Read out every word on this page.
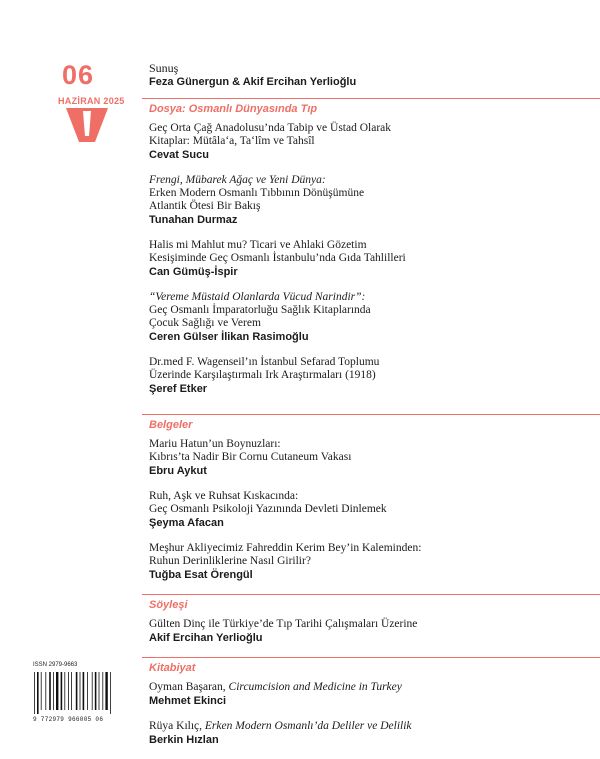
06
HAZİRAN 2025
Sunuş
Feza Günergun & Akif Ercihan Yerlioğlu
Dosya: Osmanlı Dünyasında Tıp
Geç Orta Çağ Anadolusu’nda Tabip ve Üstad Olarak
Kitaplar: Mütâla‘a, Ta‘lîm ve Tahsîl
Cevat Sucu
Frengi, Mübarek Ağaç ve Yeni Dünya:
Erken Modern Osmanlı Tıbbının Dönüşümüne
Atlantik Ötesi Bir Bakış
Tunahan Durmaz
Halis mi Mahlut mu? Ticari ve Ahlaki Gözetim
Kesişiminde Geç Osmanlı İstanbulu’nda Gıda Tahlilleri
Can Gümüş-İspir
“Vereme Müstaid Olanlarda Vücud Narindir”:
Geç Osmanlı İmparatorluğu Sağlık Kitaplarında
Çocuk Sağlığı ve Verem
Ceren Gülser İlikan Rasimoğlu
Dr.med F. Wagenseil’ın İstanbul Sefarad Toplumu
Üzerinde Karşılaştırmalı Irk Araştırmaları (1918)
Şeref Etker
Belgeler
Mariu Hatun’un Boynuzları:
Kıbrıs’ta Nadir Bir Cornu Cutaneum Vakası
Ebru Aykut
Ruh, Aşk ve Ruhsat Kıskacında:
Geç Osmanlı Psikoloji Yazınında Devleti Dinlemek
Şeyma Afacan
Meşhur Akliyecimiz Fahreddin Kerim Bey’in Kaleminden:
Ruhun Derinliklerine Nasıl Girilir?
Tuğba Esat Örengül
Söyleşi
Gülten Dinç ile Türkiye’de Tıp Tarihi Çalışmaları Üzerine
Akif Ercihan Yerlioğlu
Kitabiyat
Oyman Başaran, Circumcision and Medicine in Turkey
Mehmet Ekinci
Rüya Kılıç, Erken Modern Osmanlı’da Deliler ve Delilik
Berkin Hızlan
ISSN 2979-9663
9 772979 966005 06
